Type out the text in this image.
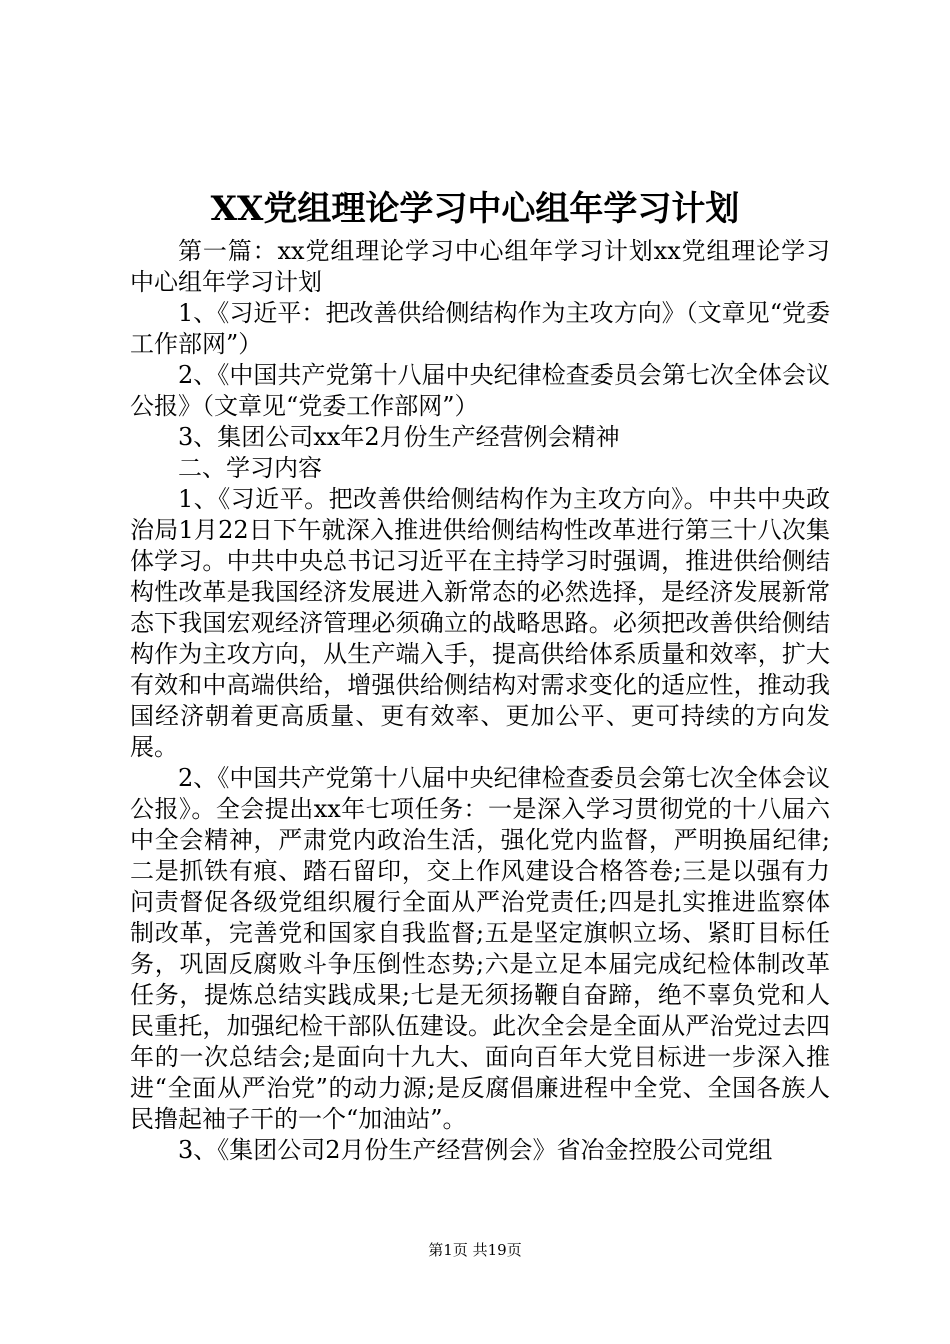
XX党组理论学习中心组年学习计划

第一篇：xx党组理论学习中心组年学习计划xx党组理论学习中心组年学习计划

1、《习近平：把改善供给侧结构作为主攻方向》（文章见“党委工作部网”）

2、《中国共产党第十八届中央纪律检查委员会第七次全体会议公报》（文章见“党委工作部网”）

3、集团公司xx年2月份生产经营例会精神

二、学习内容

1、《习近平。把改善供给侧结构作为主攻方向》。中共中央政治局1月22日下午就深入推进供给侧结构性改革进行第三十八次集体学习。中共中央总书记习近平在主持学习时强调，推进供给侧结构性改革是我国经济发展进入新常态的必然选择，是经济发展新常态下我国宏观经济管理必须确立的战略思路。必须把改善供给侧结构作为主攻方向，从生产端入手，提高供给体系质量和效率，扩大有效和中高端供给，增强供给侧结构对需求变化的适应性，推动我国经济朝着更高质量、更有效率、更加公平、更可持续的方向发展。

2、《中国共产党第十八届中央纪律检查委员会第七次全体会议公报》。全会提出xx年七项任务：一是深入学习贯彻党的十八届六中全会精神，严肃党内政治生活，强化党内监督，严明换届纪律;二是抓铁有痕、踏石留印，交上作风建设合格答卷;三是以强有力问责督促各级党组织履行全面从严治党责任;四是扎实推进监察体制改革，完善党和国家自我监督;五是坚定旗帜立场、紧盯目标任务，巩固反腐败斗争压倒性态势;六是立足本届完成纪检体制改革任务，提炼总结实践成果;七是无须扬鞭自奋蹄，绝不辜负党和人民重托，加强纪检干部队伍建设。此次全会是全面从严治党过去四年的一次总结会;是面向十九大、面向百年大党目标进一步深入推进“全面从严治党”的动力源;是反腐倡廉进程中全党、全国各族人民撸起袖子干的一个“加油站”。

3、《集团公司2月份生产经营例会》省冶金控股公司党组

第1页 共19页
